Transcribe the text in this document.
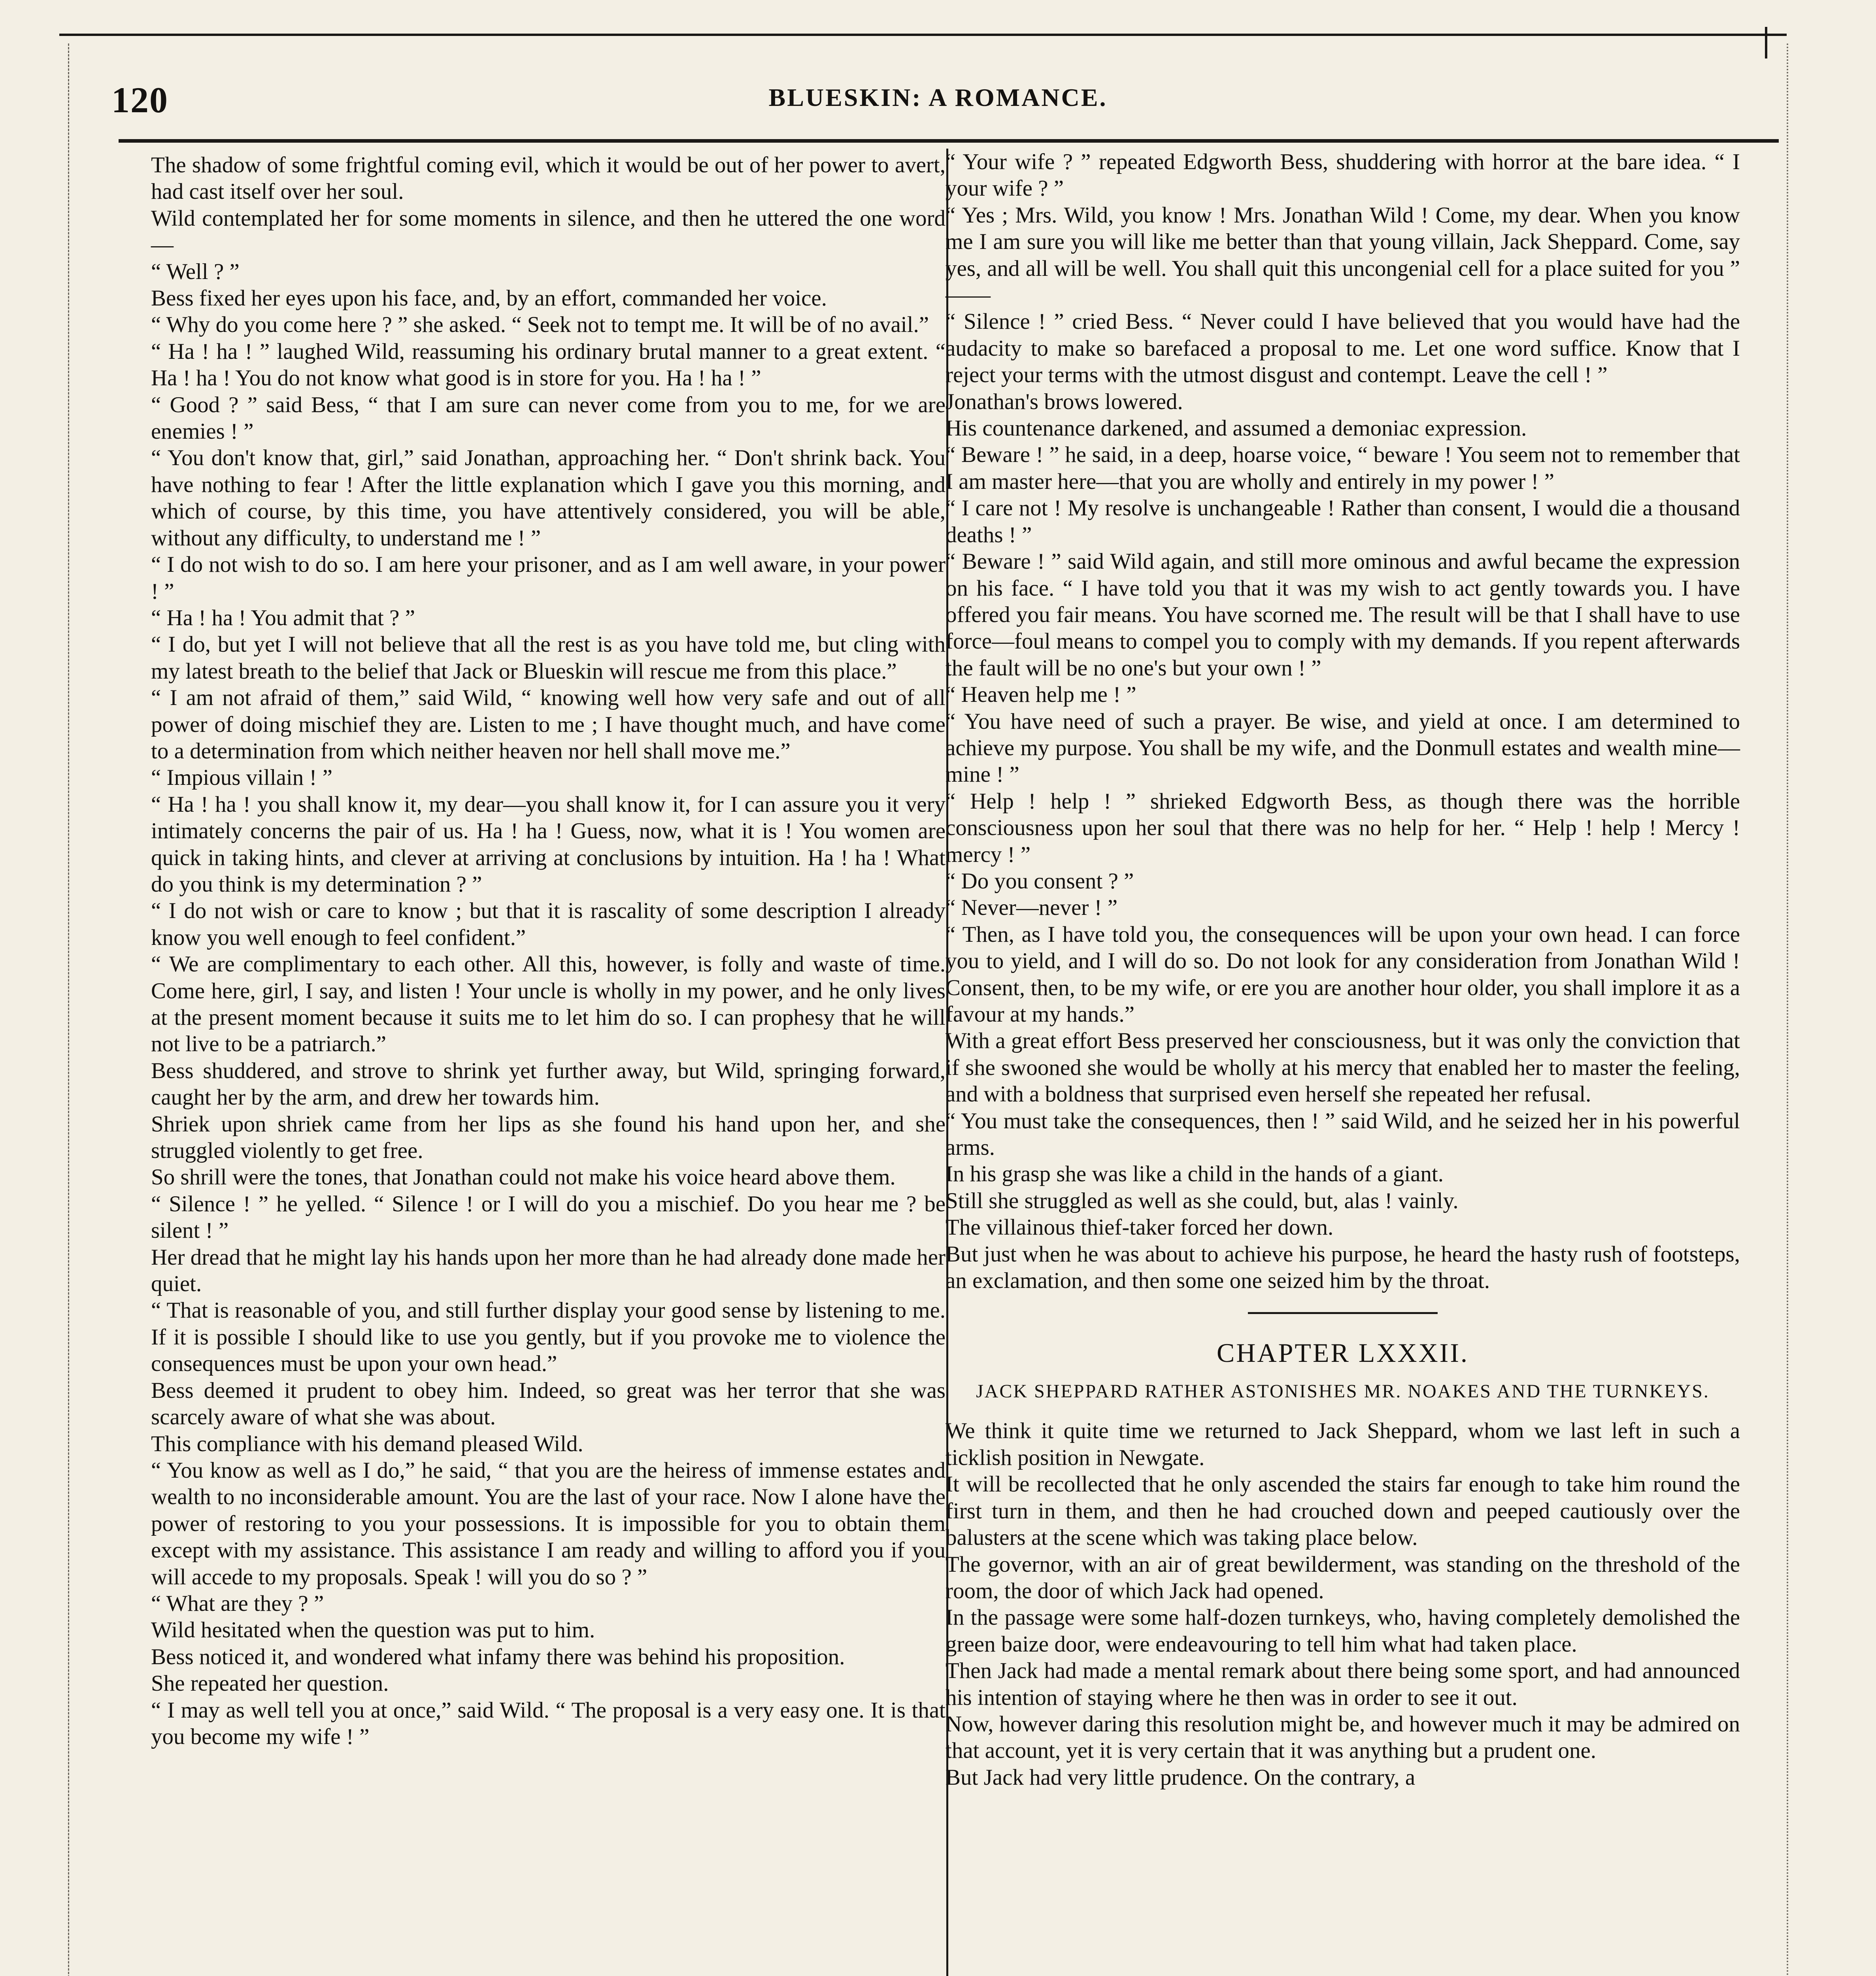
120	BLUESKIN: A ROMANCE.

The shadow of some frightful coming evil, which it would be out of her power to avert, had cast itself over her soul.

Wild contemplated her for some moments in silence, and then he uttered the one word—

“ Well ? ”

Bess fixed her eyes upon his face, and, by an effort, commanded her voice.

“ Why do you come here ? ” she asked. “ Seek not to tempt me. It will be of no avail.”

“ Ha ! ha ! ” laughed Wild, reassuming his ordinary brutal manner to a great extent. “ Ha ! ha ! You do not know what good is in store for you. Ha ! ha ! ”

“ Good ? ” said Bess, “ that I am sure can never come from you to me, for we are enemies ! ”

“ You don't know that, girl,” said Jonathan, approaching her. “ Don't shrink back. You have nothing to fear ! After the little explanation which I gave you this morning, and which of course, by this time, you have attentively considered, you will be able, without any difficulty, to understand me ! ”

“ I do not wish to do so. I am here your prisoner, and as I am well aware, in your power ! ”

“ Ha ! ha ! You admit that ? ”

“ I do, but yet I will not believe that all the rest is as you have told me, but cling with my latest breath to the belief that Jack or Blueskin will rescue me from this place.”

“ I am not afraid of them,” said Wild, “ knowing well how very safe and out of all power of doing mischief they are. Listen to me ; I have thought much, and have come to a determination from which neither heaven nor hell shall move me.”

“ Impious villain ! ”

“ Ha ! ha ! you shall know it, my dear—you shall know it, for I can assure you it very intimately concerns the pair of us. Ha ! ha ! Guess, now, what it is ! You women are quick in taking hints, and clever at arriving at conclusions by intuition. Ha ! ha ! What do you think is my determination ? ”

“ I do not wish or care to know ; but that it is rascality of some description I already know you well enough to feel confident.”

“ We are complimentary to each other. All this, however, is folly and waste of time. Come here, girl, I say, and listen ! Your uncle is wholly in my power, and he only lives at the present moment because it suits me to let him do so. I can prophesy that he will not live to be a patriarch.”

Bess shuddered, and strove to shrink yet further away, but Wild, springing forward, caught her by the arm, and drew her towards him.

Shriek upon shriek came from her lips as she found his hand upon her, and she struggled violently to get free.

So shrill were the tones, that Jonathan could not make his voice heard above them.

“ Silence ! ” he yelled. “ Silence ! or I will do you a mischief. Do you hear me ? be silent ! ”

Her dread that he might lay his hands upon her more than he had already done made her quiet.

“ That is reasonable of you, and still further display your good sense by listening to me. If it is possible I should like to use you gently, but if you provoke me to violence the consequences must be upon your own head.”

Bess deemed it prudent to obey him. Indeed, so great was her terror that she was scarcely aware of what she was about.

This compliance with his demand pleased Wild.

“ You know as well as I do,” he said, “ that you are the heiress of immense estates and wealth to no inconsiderable amount. You are the last of your race. Now I alone have the power of restoring to you your possessions. It is impossible for you to obtain them except with my assistance. This assistance I am ready and willing to afford you if you will accede to my proposals. Speak ! will you do so ? ”

“ What are they ? ”

Wild hesitated when the question was put to him.

Bess noticed it, and wondered what infamy there was behind his proposition.

She repeated her question.

“ I may as well tell you at once,” said Wild. “ The proposal is a very easy one. It is that you become my wife ! ”

“ Your wife ? ” repeated Edgworth Bess, shuddering with horror at the bare idea. “ I your wife ? ”

“ Yes ; Mrs. Wild, you know ! Mrs. Jonathan Wild ! Come, my dear. When you know me I am sure you will like me better than that young villain, Jack Sheppard. Come, say yes, and all will be well. You shall quit this uncongenial cell for a place suited for you ” ——

“ Silence ! ” cried Bess. “ Never could I have believed that you would have had the audacity to make so barefaced a proposal to me. Let one word suffice. Know that I reject your terms with the utmost disgust and contempt. Leave the cell ! ”

Jonathan's brows lowered.

His countenance darkened, and assumed a demoniac expression.

“ Beware ! ” he said, in a deep, hoarse voice, “ beware ! You seem not to remember that I am master here—that you are wholly and entirely in my power ! ”

“ I care not ! My resolve is unchangeable ! Rather than consent, I would die a thousand deaths ! ”

“ Beware ! ” said Wild again, and still more ominous and awful became the expression on his face. “ I have told you that it was my wish to act gently towards you. I have offered you fair means. You have scorned me. The result will be that I shall have to use force—foul means to compel you to comply with my demands. If you repent afterwards the fault will be no one's but your own ! ”

“ Heaven help me ! ”

“ You have need of such a prayer. Be wise, and yield at once. I am determined to achieve my purpose. You shall be my wife, and the Donmull estates and wealth mine—mine ! ”

“ Help ! help ! ” shrieked Edgworth Bess, as though there was the horrible consciousness upon her soul that there was no help for her. “ Help ! help ! Mercy ! mercy ! ”

“ Do you consent ? ”

“ Never—never ! ”

“ Then, as I have told you, the consequences will be upon your own head. I can force you to yield, and I will do so. Do not look for any consideration from Jonathan Wild ! Consent, then, to be my wife, or ere you are another hour older, you shall implore it as a favour at my hands.”

With a great effort Bess preserved her consciousness, but it was only the conviction that if she swooned she would be wholly at his mercy that enabled her to master the feeling, and with a boldness that surprised even herself she repeated her refusal.

“ You must take the consequences, then ! ” said Wild, and he seized her in his powerful arms.

In his grasp she was like a child in the hands of a giant.

Still she struggled as well as she could, but, alas ! vainly.

The villainous thief-taker forced her down.

But just when he was about to achieve his purpose, he heard the hasty rush of footsteps, an exclamation, and then some one seized him by the throat.

CHAPTER LXXXII.
JACK SHEPPARD RATHER ASTONISHES MR. NOAKES AND THE TURNKEYS.

We think it quite time we returned to Jack Sheppard, whom we last left in such a ticklish position in Newgate.

It will be recollected that he only ascended the stairs far enough to take him round the first turn in them, and then he had crouched down and peeped cautiously over the balusters at the scene which was taking place below.

The governor, with an air of great bewilderment, was standing on the threshold of the room, the door of which Jack had opened.

In the passage were some half-dozen turnkeys, who, having completely demolished the green baize door, were endeavouring to tell him what had taken place.

Then Jack had made a mental remark about there being some sport, and had announced his intention of staying where he then was in order to see it out.

Now, however daring this resolution might be, and however much it may be admired on that account, yet it is very certain that it was anything but a prudent one.

But Jack had very little prudence. On the contrary, a
